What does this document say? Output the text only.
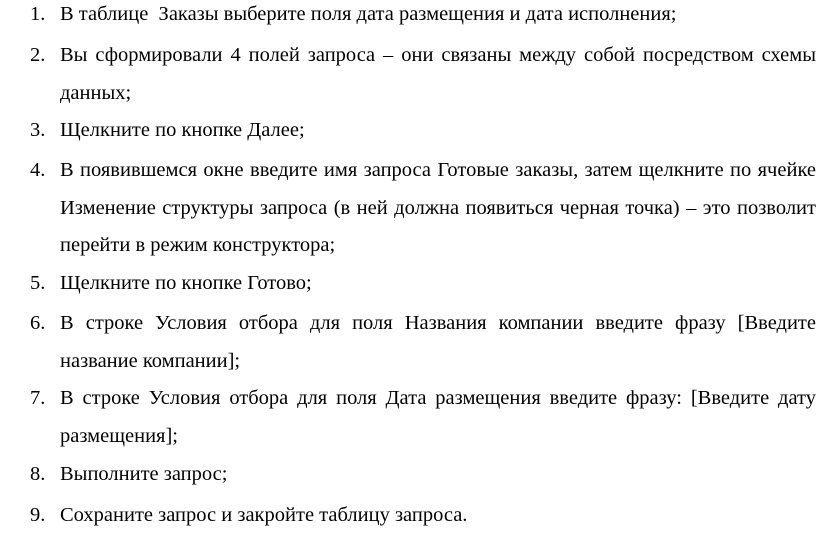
1. В таблице  Заказы выберите поля дата размещения и дата исполнения;
2. Вы сформировали 4 полей запроса – они связаны между собой посредством схемы данных;
3. Щелкните по кнопке Далее;
4. В появившемся окне введите имя запроса Готовые заказы, затем щелкните по ячейке Изменение структуры запроса (в ней должна появиться черная точка) – это позволит перейти в режим конструктора;
5. Щелкните по кнопке Готово;
6. В строке Условия отбора для поля Названия компании введите фразу [Введите название компании];
7. В строке Условия отбора для поля Дата размещения введите фразу: [Введите дату размещения];
8. Выполните запрос;
9. Сохраните запрос и закройте таблицу запроса.
